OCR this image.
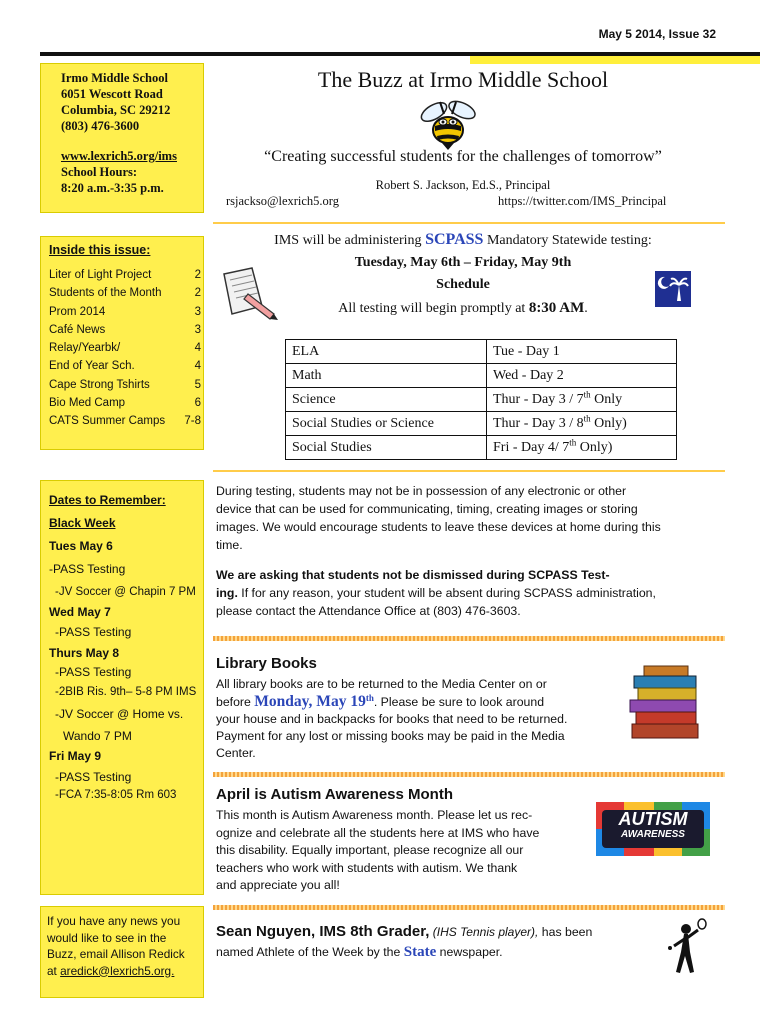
May 5 2014, Issue 32
Irmo Middle School
6051 Wescott Road
Columbia, SC 29212
(803) 476-3600
www.lexrich5.org/ims
School Hours:
8:20 a.m.-3:35 p.m.
Inside this issue:
Liter of Light Project	2
Students of the Month	2
Prom 2014	3
Café News	3
Relay/Yearbk/	4
End of Year Sch.	4
Cape Strong Tshirts	5
Bio Med Camp	6
CATS Summer Camps 7-8
Dates to Remember:
Black Week
Tues May 6
-PASS Testing
-JV Soccer @ Chapin 7 PM
Wed May 7
-PASS Testing
Thurs May 8
-PASS Testing
-2BIB Ris. 9th– 5-8 PM IMS
-JV Soccer @ Home vs.
Wando 7 PM
Fri May 9
-PASS Testing
-FCA 7:35-8:05 Rm 603
If you have any news you
would like to see in the
Buzz, email Allison Redick
at aredick@lexrich5.org.
The Buzz at Irmo Middle School
“Creating successful students for the challenges of tomorrow”
Robert S. Jackson, Ed.S., Principal
rsjackso@lexrich5.org	https://twitter.com/IMS_Principal
IMS will be administering SCPASS Mandatory Statewide testing:
Tuesday, May 6th – Friday, May 9th
Schedule
All testing will begin promptly at 8:30 AM.
ELA	Tue - Day 1
Math	Wed - Day 2
Science	Thur - Day 3 / 7th Only
Social Studies or Science	Thur - Day 3 / 8th Only)
Social Studies	Fri - Day 4/ 7th Only)
During testing, students may not be in possession of any electronic or other
device that can be used for communicating, timing, creating images or storing
images. We would encourage students to leave these devices at home during this
time.
We are asking that students not be dismissed during SCPASS Test-
ing. If for any reason, your student will be absent during SCPASS administration,
please contact the Attendance Office at (803) 476-3603.
Library Books
All library books are to be returned to the Media Center on or
before Monday, May 19th. Please be sure to look around
your house and in backpacks for books that need to be returned.
Payment for any lost or missing books may be paid in the Media
Center.
April is Autism Awareness Month
This month is Autism Awareness month. Please let us rec-
ognize and celebrate all the students here at IMS who have
this disability. Equally important, please recognize all our
teachers who work with students with autism. We thank
and appreciate you all!
AUTISM
AWARENESS
Sean Nguyen, IMS 8th Grader, (IHS Tennis player), has been
named Athlete of the Week by the State newspaper.
